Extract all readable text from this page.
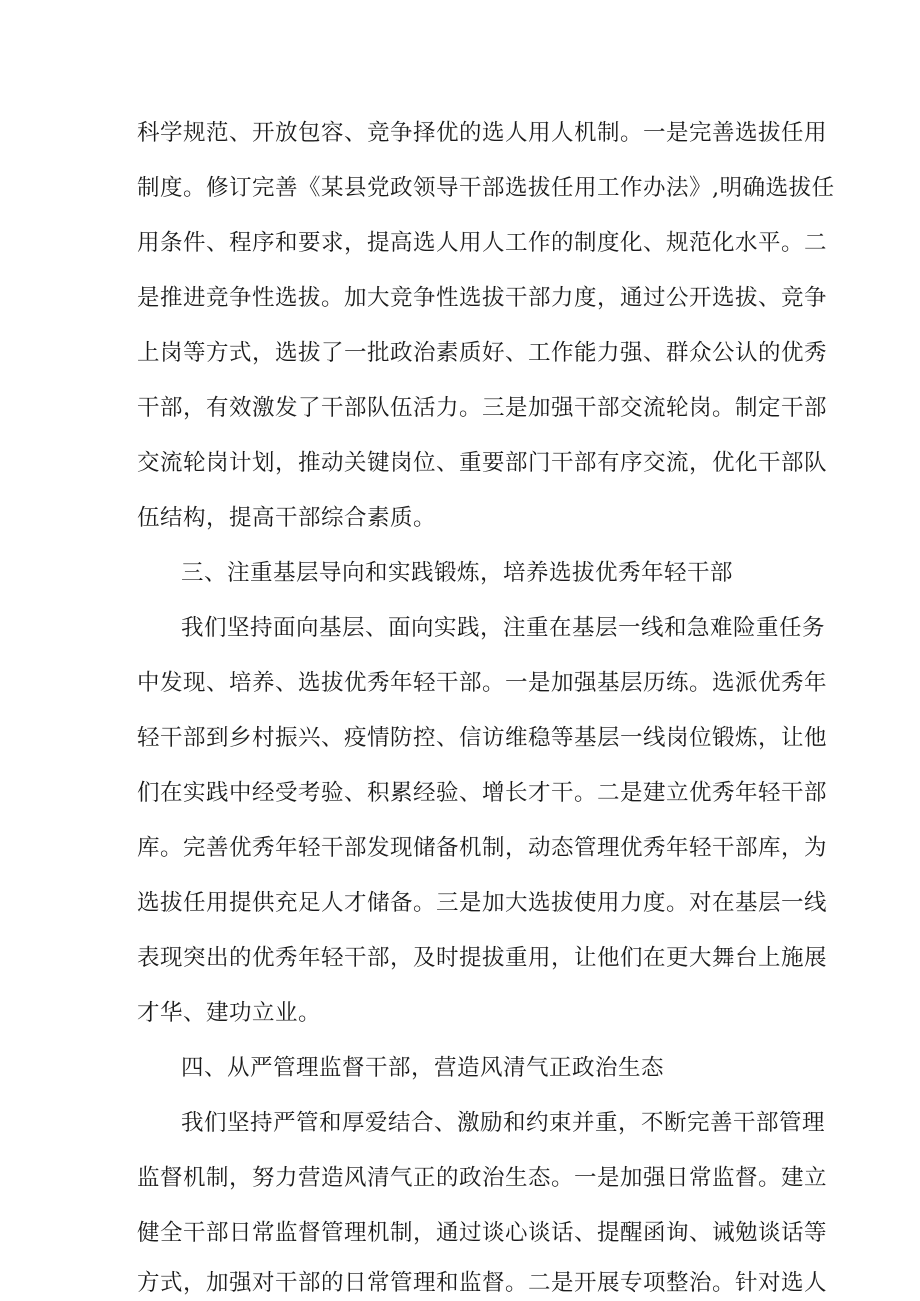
科学规范、开放包容、竞争择优的选人用人机制。一是完善选拔任用
制度。修订完善《某县党政领导干部选拔任用工作办法》,明确选拔任
用条件、程序和要求，提高选人用人工作的制度化、规范化水平。二
是推进竞争性选拔。加大竞争性选拔干部力度，通过公开选拔、竞争
上岗等方式，选拔了一批政治素质好、工作能力强、群众公认的优秀
干部，有效激发了干部队伍活力。三是加强干部交流轮岗。制定干部
交流轮岗计划，推动关键岗位、重要部门干部有序交流，优化干部队
伍结构，提高干部综合素质。
三、注重基层导向和实践锻炼，培养选拔优秀年轻干部
我们坚持面向基层、面向实践，注重在基层一线和急难险重任务
中发现、培养、选拔优秀年轻干部。一是加强基层历练。选派优秀年
轻干部到乡村振兴、疫情防控、信访维稳等基层一线岗位锻炼，让他
们在实践中经受考验、积累经验、增长才干。二是建立优秀年轻干部
库。完善优秀年轻干部发现储备机制，动态管理优秀年轻干部库，为
选拔任用提供充足人才储备。三是加大选拔使用力度。对在基层一线
表现突出的优秀年轻干部，及时提拔重用，让他们在更大舞台上施展
才华、建功立业。
四、从严管理监督干部，营造风清气正政治生态
我们坚持严管和厚爱结合、激励和约束并重，不断完善干部管理
监督机制，努力营造风清气正的政治生态。一是加强日常监督。建立
健全干部日常监督管理机制，通过谈心谈话、提醒函询、诫勉谈话等
方式，加强对干部的日常管理和监督。二是开展专项整治。针对选人
